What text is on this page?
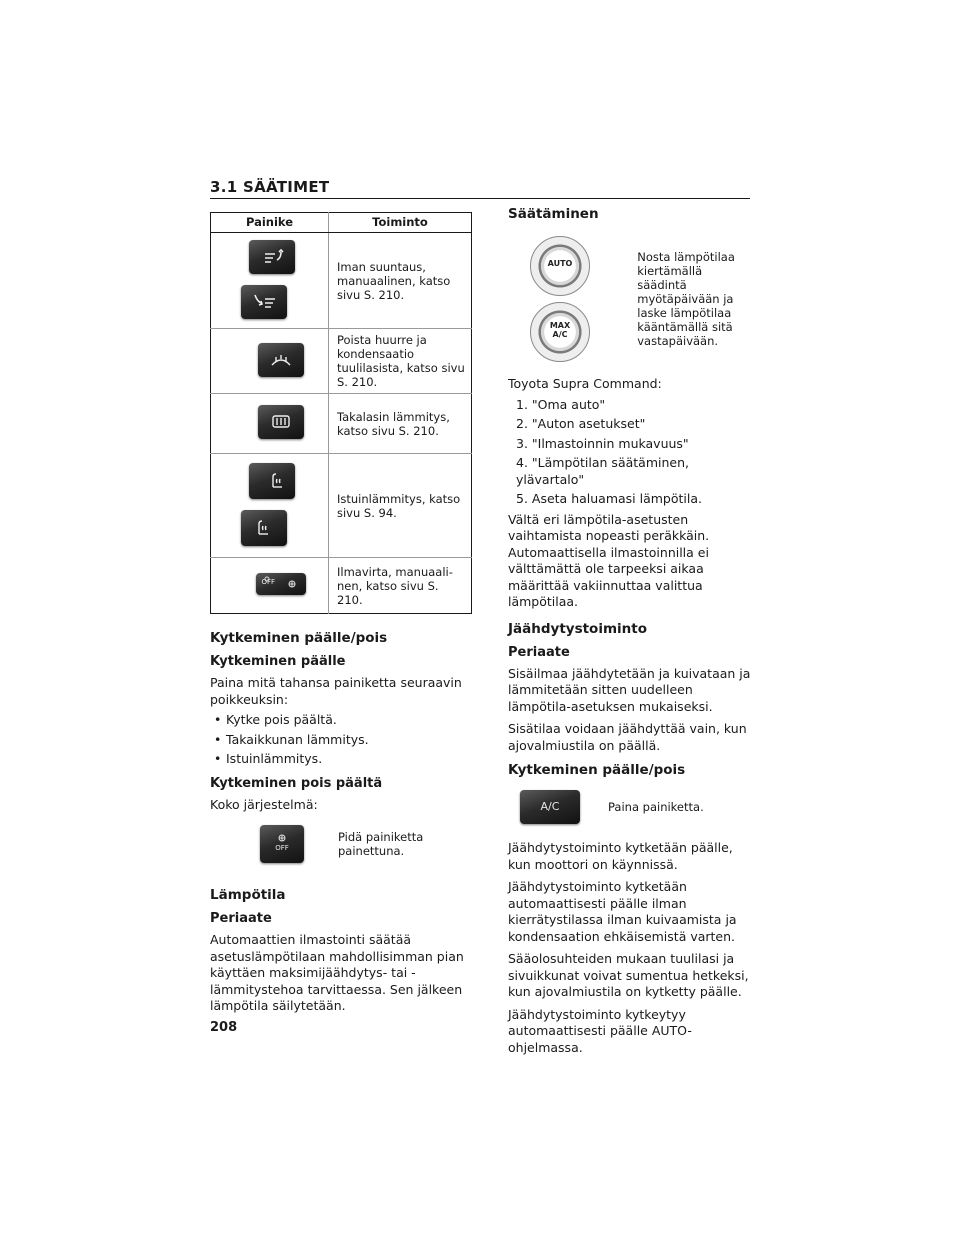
3.1 SÄÄTIMET
Painike	Toiminto

	Iman suuntaus, manuaalinen, katso sivu S. 210.

	Poista huurre ja kondensaatio tuulilasista, katso sivu S. 210.

	Takalasin lämmitys, katso sivu S. 210.

	Istuinlämmitys, katso sivu S. 94.

OFF	Ilmavirta, manuaali-nen, katso sivu S. 210.
Kytkeminen päälle/pois
Kytkeminen päälle

Paina mitä tahansa painiketta seuraavin poikkeuksin:

• Kytke pois päältä.
• Takaikkunan lämmitys.
• Istuinlämmitys.
Kytkeminen pois päältä

Koko järjestelmä:

OFF

Pidä painiketta painettuna.

Lämpötila
Periaate

Automaattien ilmastointi säätää asetuslämpötilaan mahdollisimman pian käyttäen maksimijäähdytys- tai -lämmitystehoa tarvittaessa. Sen jälkeen lämpötila säilytetään.

Säätäminen
AUTO
MAX
A/C

Nosta lämpötilaa kiertämällä säädintä myötäpäivään ja laske lämpötilaa kääntämällä sitä vastapäivään.

Toyota Supra Command:

1. "Oma auto"
2. "Auton asetukset"
3. "Ilmastoinnin mukavuus"
4. "Lämpötilan säätäminen, ylävartalo"
5. Aseta haluamasi lämpötila.

Vältä eri lämpötila-asetusten vaihtamista nopeasti peräkkäin. Automaattisella ilmastoinnilla ei välttämättä ole tarpeeksi aikaa määrittää vakiinnuttaa valittua lämpötilaa.

Jäähdytystoiminto
Periaate

Sisäilmaa jäähdytetään ja kuivataan ja lämmitetään sitten uudelleen lämpötila-asetuksen mukaiseksi.

Sisätilaa voidaan jäähdyttää vain, kun ajovalmiustila on päällä.

Kytkeminen päälle/pois
A/C	Paina painiketta.

Jäähdytystoiminto kytketään päälle, kun moottori on käynnissä.

Jäähdytystoiminto kytketään automaattisesti päälle ilman kierrätystilassa ilman kuivaamista ja kondensaation ehkäisemistä varten.

Sääolosuhteiden mukaan tuulilasi ja sivuikkunat voivat sumentua hetkeksi, kun ajovalmiustila on kytketty päälle.

Jäähdytystoiminto kytkeytyy automaattisesti päälle AUTO-ohjelmassa.

208
